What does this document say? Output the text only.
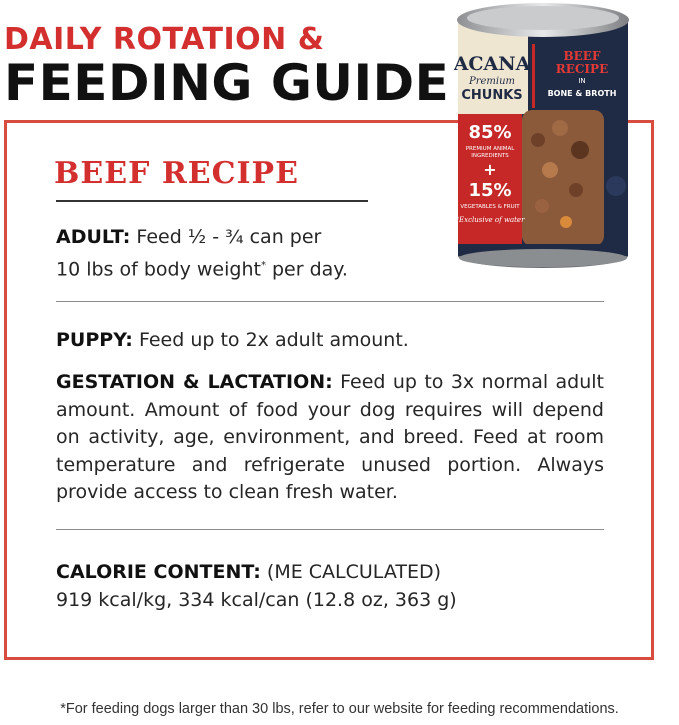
DAILY ROTATION &
FEEDING GUIDE ACANA
Premium
CHUNKS
BEEF
RECIPE
IN
BONE & BROTH
85%
PREMIUM ANIMAL
INGREDIENTS
+
15%
VEGETABLES & FRUIT
*Exclusive of water
BEEF RECIPE
ADULT: Feed ½ - ¾ can per
10 lbs of body weight* per day.
PUPPY: Feed up to 2x adult amount.
GESTATION & LACTATION: Feed up to 3x normal adult amount. Amount of food your dog requires will depend on activity, age, environment, and breed. Feed at room temperature and refrigerate unused portion. Always provide access to clean fresh water.
CALORIE CONTENT: (ME CALCULATED)
919 kcal/kg, 334 kcal/can (12.8 oz, 363 g)
*For feeding dogs larger than 30 lbs, refer to our website for feeding recommendations.
